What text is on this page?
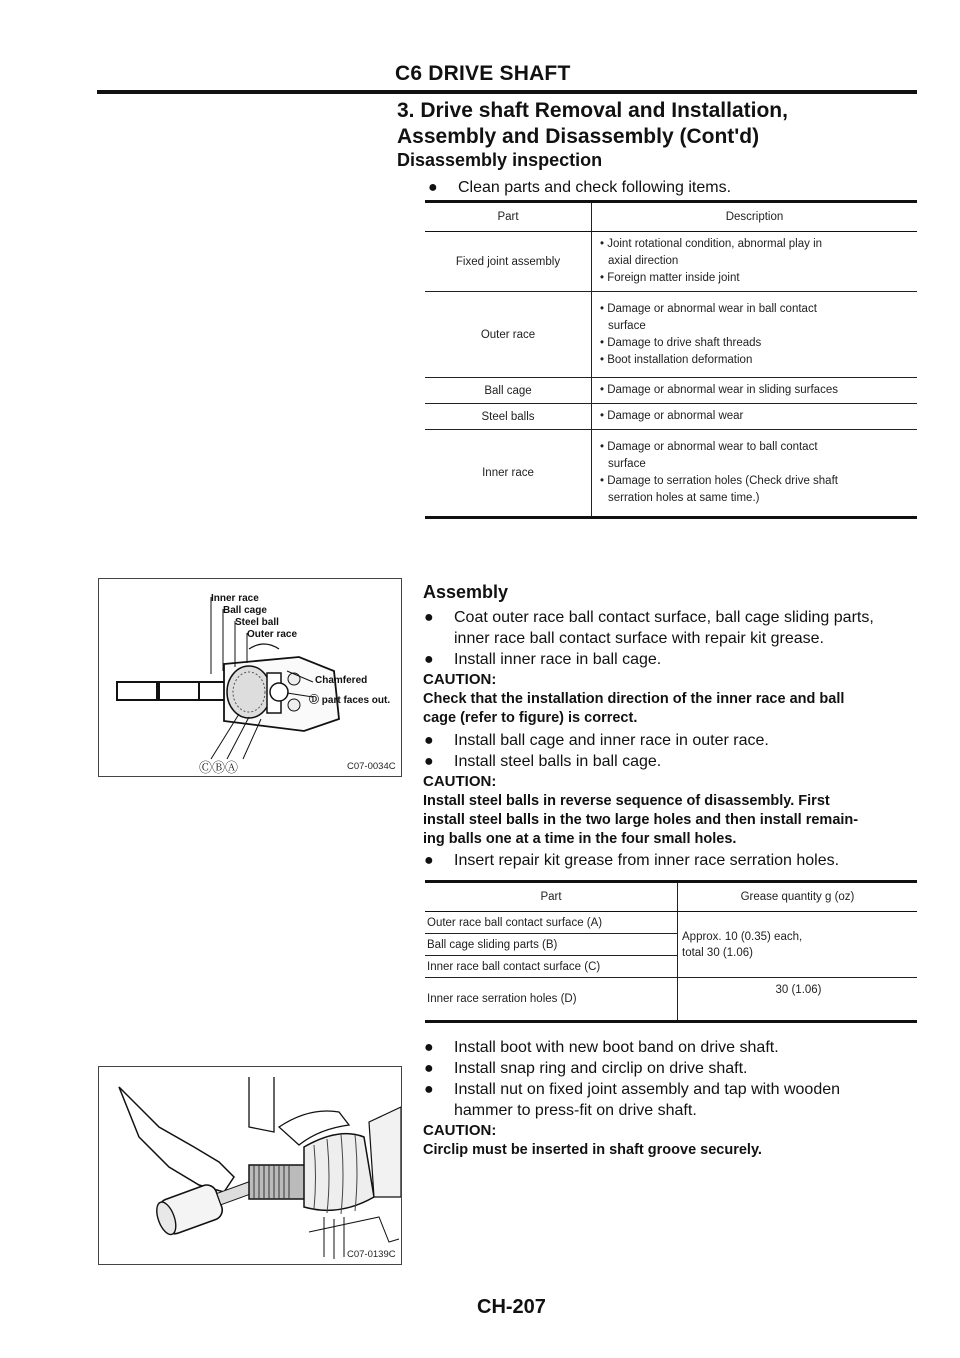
C6 DRIVE SHAFT
3. Drive shaft Removal and Installation,
Assembly and Disassembly (Cont'd)
Disassembly inspection
● Clean parts and check following items.
Part	Description
Fixed joint assembly	• Joint rotational condition, abnormal play in
axial direction
• Foreign matter inside joint

Outer race	• Damage or abnormal wear in ball contact
surface
• Damage to drive shaft threads
• Boot installation deformation

Ball cage	• Damage or abnormal wear in sliding surfaces

Steel balls	• Damage or abnormal wear

Inner race	• Damage or abnormal wear to ball contact
surface
• Damage to serration holes (Check drive shaft
serration holes at same time.)
Inner race
Ball cage
Steel ball
Outer race
Chamfered
Ⓓ part faces out.
ⒸⒷⒶ	C07-0034C
Assembly
● Coat outer race ball contact surface, ball cage sliding parts,
inner race ball contact surface with repair kit grease.
● Install inner race in ball cage.
CAUTION:
Check that the installation direction of the inner race and ball
cage (refer to figure) is correct.
● Install ball cage and inner race in outer race.
● Install steel balls in ball cage.
CAUTION:
Install steel balls in reverse sequence of disassembly. First
install steel balls in the two large holes and then install remain-
ing balls one at a time in the four small holes.
● Insert repair kit grease from inner race serration holes.
Part	Grease quantity g (oz)
Outer race ball contact surface (A)	Approx. 10 (0.35) each,
total 30 (1.06)

Ball cage sliding parts (B)	
Inner race ball contact surface (C)	
Inner race serration holes (D)	30 (1.06)
● Install boot with new boot band on drive shaft.
● Install snap ring and circlip on drive shaft.
● Install nut on fixed joint assembly and tap with wooden
hammer to press-fit on drive shaft.
CAUTION:
Circlip must be inserted in shaft groove securely.
C07-0139C
CH-207
